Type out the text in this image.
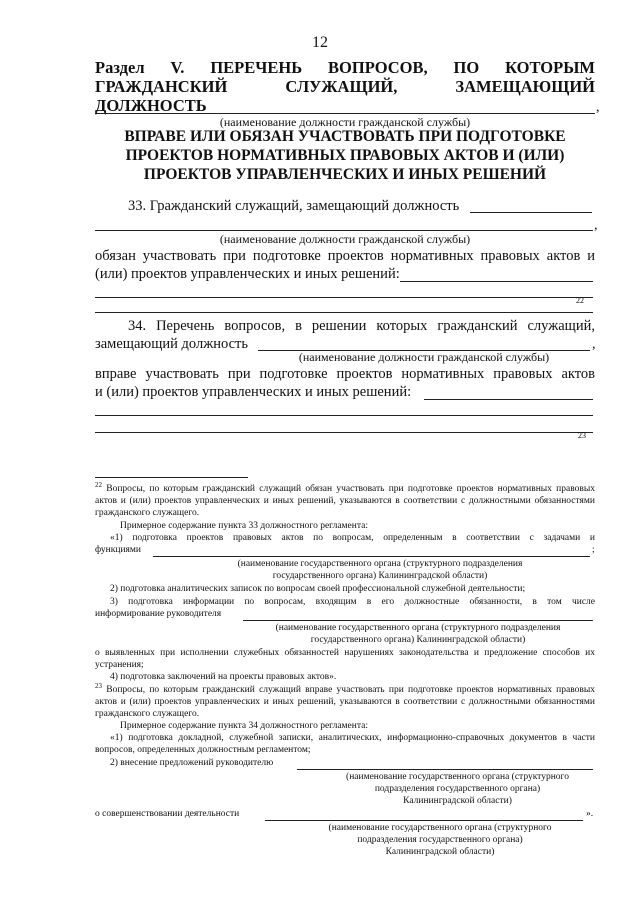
12
Раздел V. ПЕРЕЧЕНЬ ВОПРОСОВ, ПО КОТОРЫМ ГРАЖДАНСКИЙ СЛУЖАЩИЙ, ЗАМЕЩАЮЩИЙ ДОЛЖНОСТЬ	,
(наименование должности гражданской службы)
ВПРАВЕ ИЛИ ОБЯЗАН УЧАСТВОВАТЬ ПРИ ПОДГОТОВКЕ ПРОЕКТОВ НОРМАТИВНЫХ ПРАВОВЫХ АКТОВ И (ИЛИ) ПРОЕКТОВ УПРАВЛЕНЧЕСКИХ И ИНЫХ РЕШЕНИЙ
33. Гражданский служащий, замещающий должность
,
(наименование должности гражданской службы)
обязан участвовать при подготовке проектов нормативных правовых актов и
(или) проектов управленческих и иных решений:
22
34. Перечень вопросов, в решении которых гражданский служащий,
замещающий должность	,
(наименование должности гражданской службы)
вправе участвовать при подготовке проектов нормативных правовых актов
и (или) проектов управленческих и иных решений:
23
$^{22}$ Вопросы, по которым гражданский служащий обязан участвовать при подготовке проектов нормативных правовых актов и (или) проектов управленческих и иных решений, указываются в соответствии с должностными обязанностями гражданского служащего.
Примерное содержание пункта 33 должностного регламента:
«1) подготовка проектов правовых актов по вопросам, определенным в соответствии с задачами и
функциями	;
(наименование государственного органа (структурного подразделения
государственного органа) Калининградской области)
2) подготовка аналитических записок по вопросам своей профессиональной служебной деятельности;
3) подготовка информации по вопросам, входящим в его должностные обязанности, в том числе
информирование руководителя
(наименование государственного органа (структурного подразделения
государственного органа) Калининградской области)
о выявленных при исполнении служебных обязанностей нарушениях законодательства и предложение способов их устранения;
4) подготовка заключений на проекты правовых актов».
$^{23}$ Вопросы, по которым гражданский служащий вправе участвовать при подготовке проектов нормативных правовых актов и (или) проектов управленческих и иных решений, указываются в соответствии с должностными обязанностями гражданского служащего.
Примерное содержание пункта 34 должностного регламента:
«1) подготовка докладной, служебной записки, аналитических, информационно-справочных документов в части вопросов, определенных должностным регламентом;
2) внесение предложений руководителю
(наименование государственного органа (структурного
подразделения государственного органа)
Калининградской области)
о совершенствовании деятельности	».
(наименование государственного органа (структурного
подразделения государственного органа)
Калининградской области)
